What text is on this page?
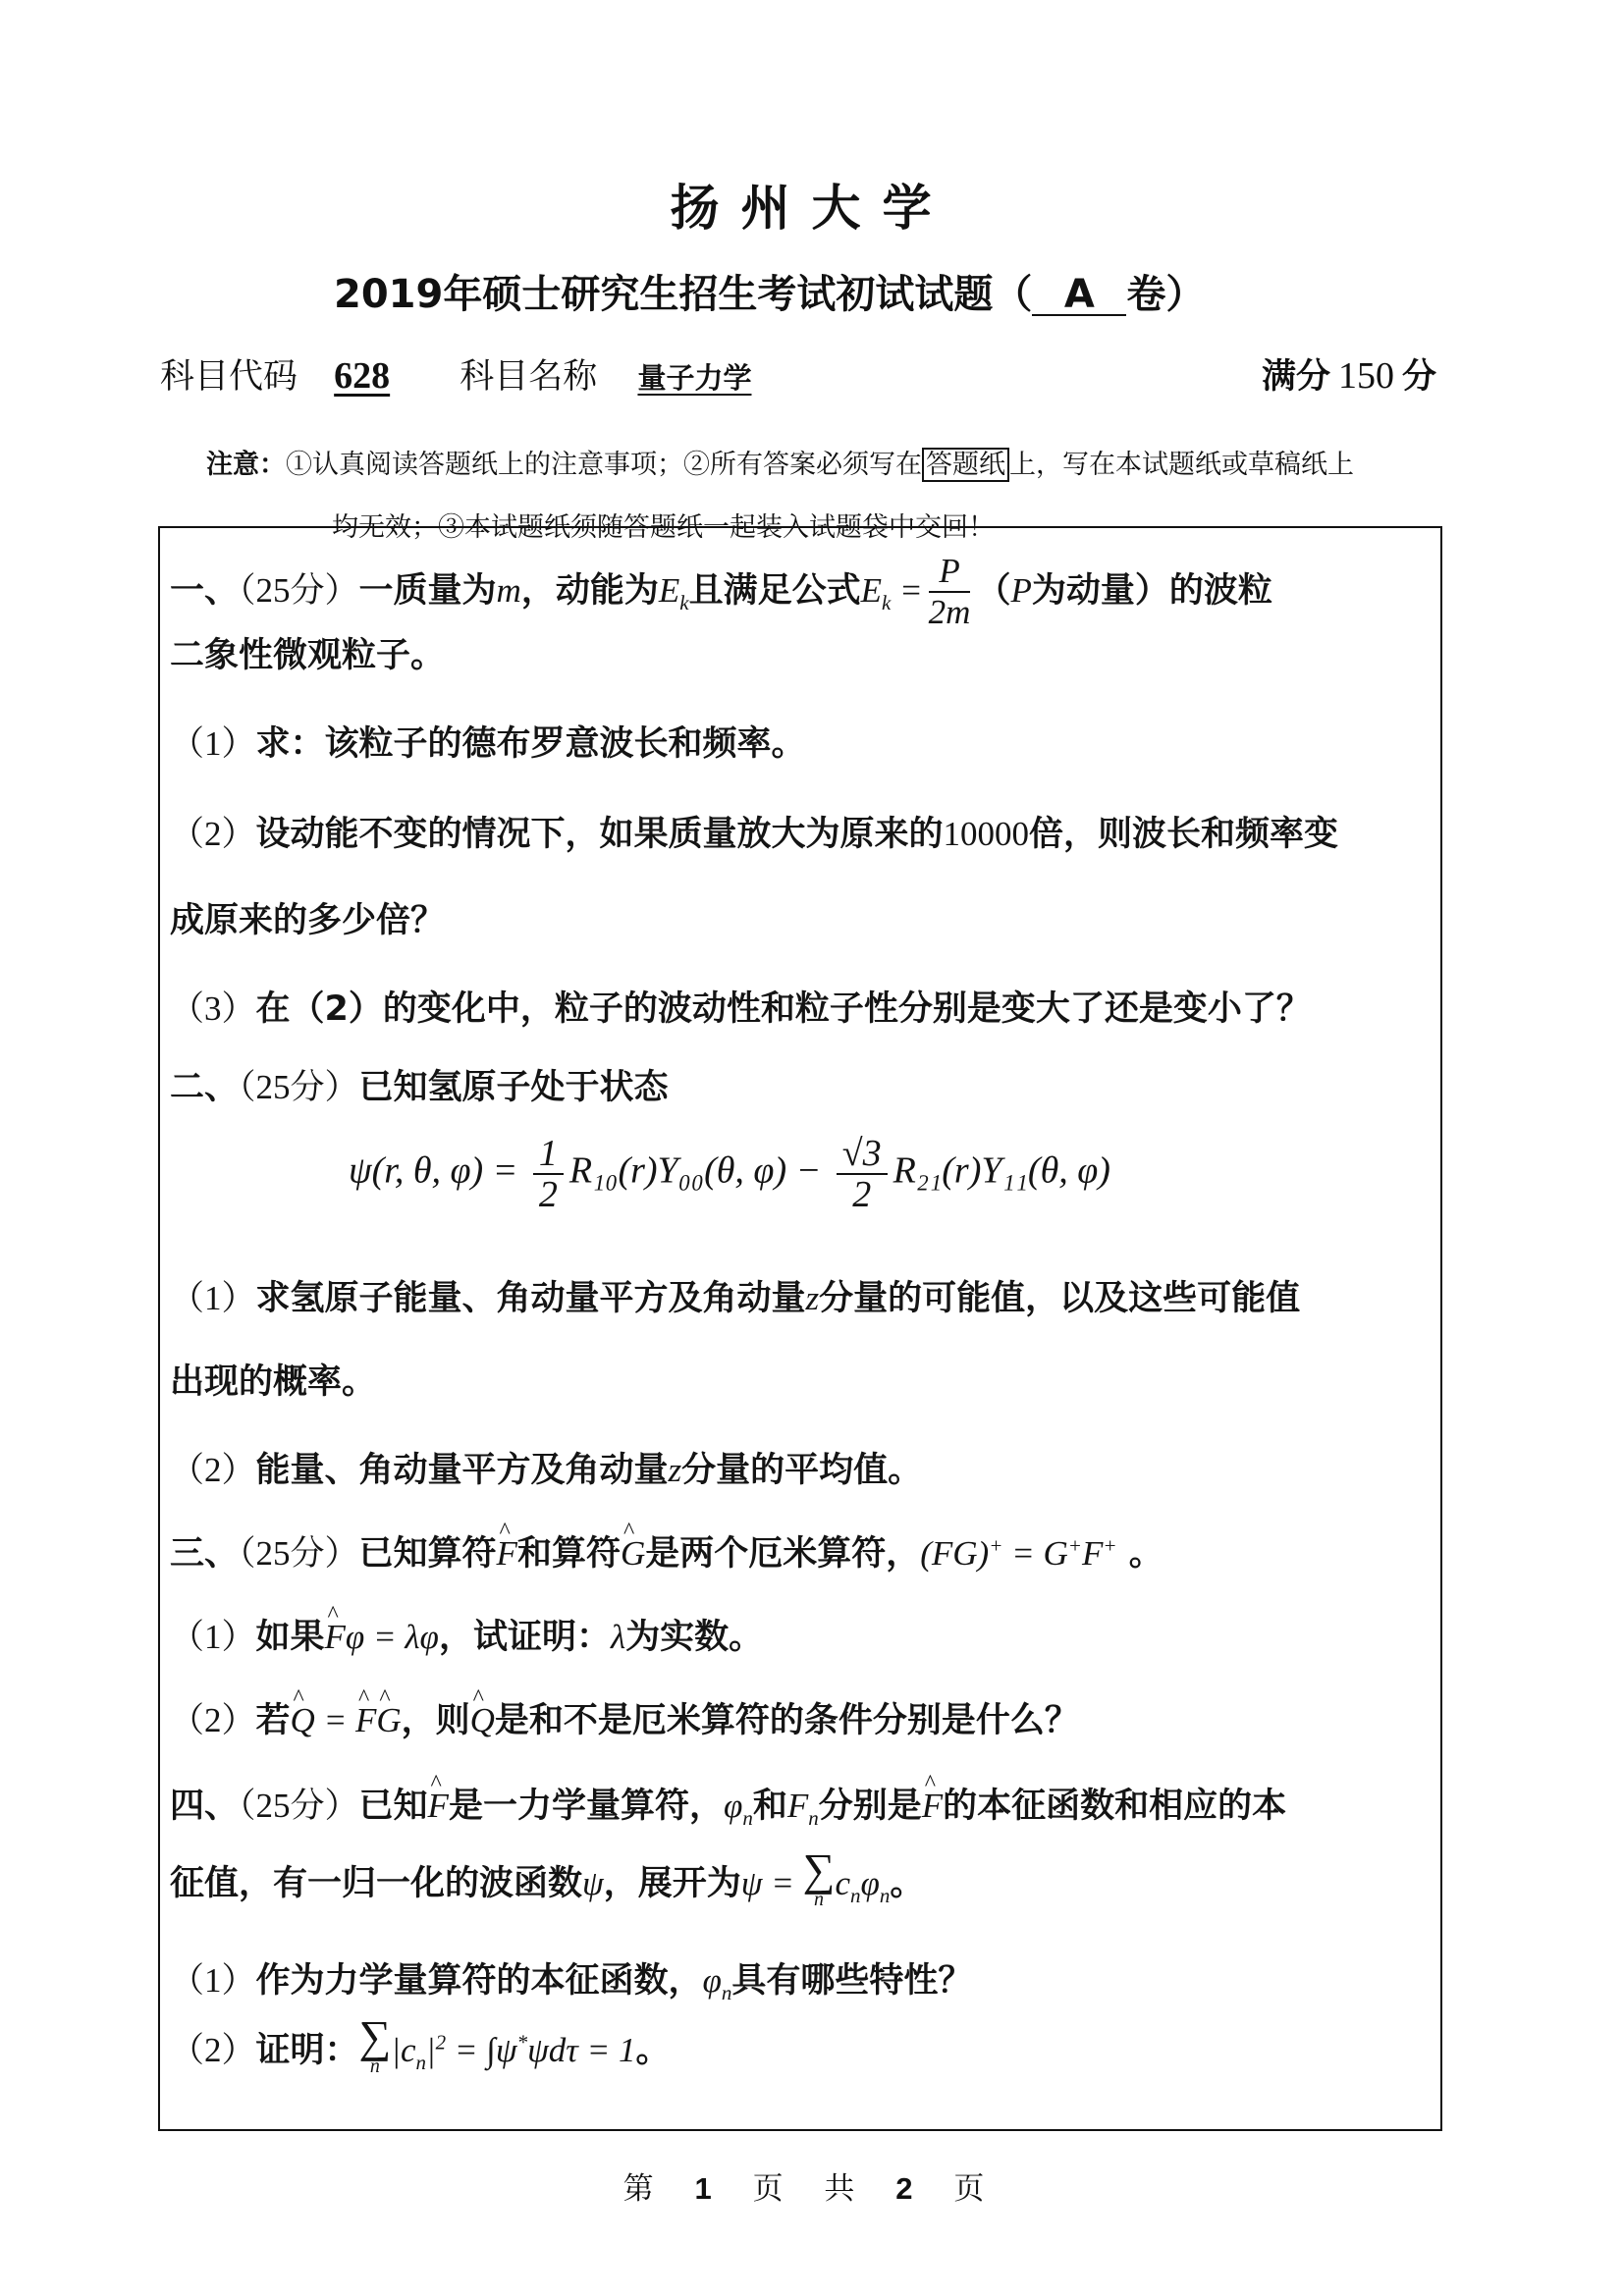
扬州大学
2019年硕士研究生招生考试初试试题（ A 卷）
科目代码 628 科目名称 量子力学	满分 150 分
注意：①认真阅读答题纸上的注意事项；②所有答案必须写在 答题纸 上，写在本试题纸或草稿纸上
均无效；③本试题纸须随答题纸一起装入试题袋中交回！
一、（25分）一质量为m，动能为$E_k$且满足公式$E_k = \frac{P}{2m} (P$为动量）的波粒
二象性微观粒子。
（1）求：该粒子的德布罗意波长和频率。
（2）设动能不变的情况下，如果质量放大为原来的10000倍，则波长和频率变
成原来的多少倍？
（3）在（2）的变化中，粒子的波动性和粒子性分别是变大了还是变小了？
二、（25分）已知氢原子处于状态
ψ(r, θ, $\varphi) = \frac{1}{2} R_{10}(r)Y_{00}(\theta$, $\varphi) - \frac{√3}{2} R_{21}(r)Y_{11}(\theta$, φ)
（1）求氢原子能量、角动量平方及角动量z分量的可能值，以及这些可能值
出现的概率。
（2）能量、角动量平方及角动量z分量的平均值。
三、（25分）已知算符^ F和算符^ G是两个厄米算符，(FG)+ = G+F+ 。
（1）如果^ Fφ = λφ，试证明：λ为实数。
（2）若^ Q = ^ F^ G，则^ Q是和不是厄米算符的条件分别是什么？
四、（25分）已知^ F是一力学量算符，$\varphi_n$和$F_n$分别是^ F的本征函数和相应的本
征值，有一归一化的波函数ψ，展开为ψ = ∑
n $c_n\varphi_n$。
（1）作为力学量算符的本征函数，$\varphi_n$具有哪些特性？
（2）证明： ∑
n $|c_n|^2 = \int\psi^*\psi d\tau = 1$。
第 1 页 共 2 页
